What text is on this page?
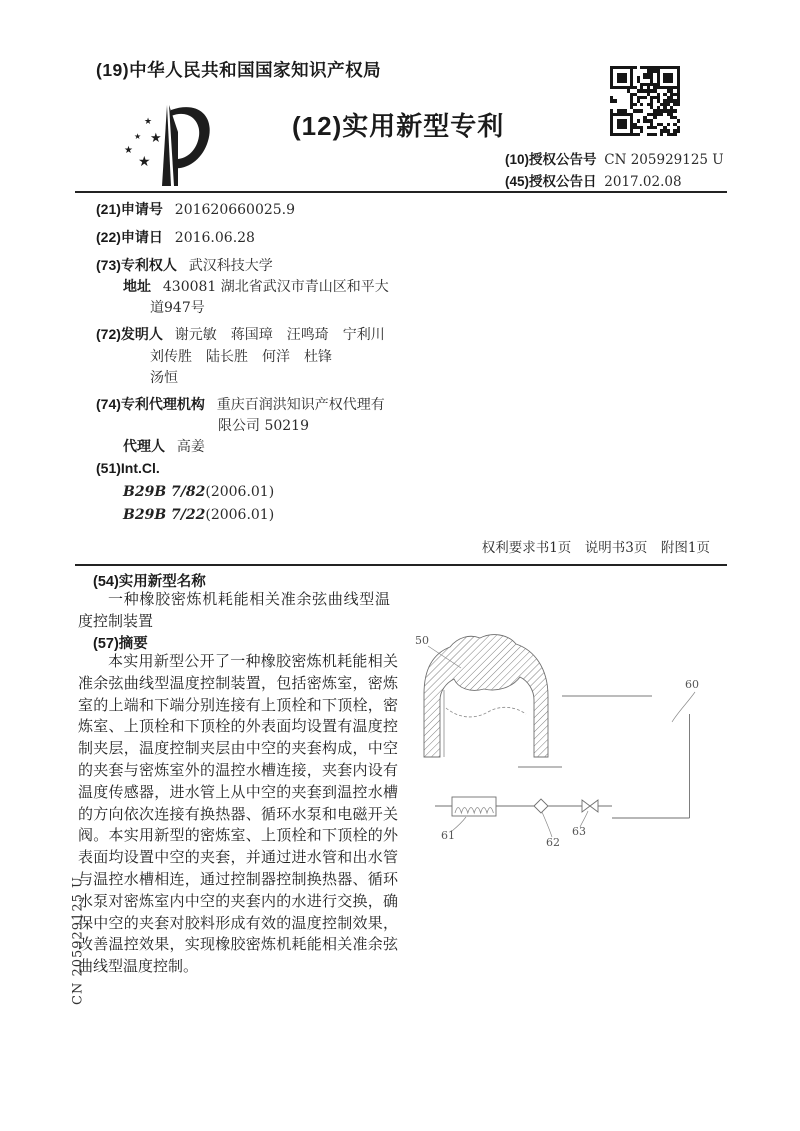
(19)中华人民共和国国家知识产权局
★
★
★
★
★
(12)实用新型专利
(10)授权公告号 CN 205929125 U
(45)授权公告日 2017.02.08
(21)申请号 201620660025.9
(22)申请日 2016.06.28
(73)专利权人 武汉科技大学
地址 430081 湖北省武汉市青山区和平大
道947号
(72)发明人 谢元敏　蒋国璋　汪鸣琦　宁利川
刘传胜　陆长胜　何洋　杜锋
汤恒
(74)专利代理机构 重庆百润洪知识产权代理有
限公司 50219
代理人 高姜
(51)Int.Cl.
B29B 7/82(2006.01)
B29B 7/22(2006.01)
权利要求书1页　说明书3页　附图1页
(54)实用新型名称
一种橡胶密炼机耗能相关准余弦曲线型温度控制装置
(57)摘要
本实用新型公开了一种橡胶密炼机耗能相关准余弦曲线型温度控制装置，包括密炼室，密炼室的上端和下端分别连接有上顶栓和下顶栓，密炼室、上顶栓和下顶栓的外表面均设置有温度控制夹层，温度控制夹层由中空的夹套构成，中空的夹套与密炼室外的温控水槽连接，夹套内设有温度传感器，进水管上从中空的夹套到温控水槽的方向依次连接有换热器、循环水泵和电磁开关阀。本实用新型的密炼室、上顶栓和下顶栓的外表面均设置中空的夹套，并通过进水管和出水管与温控水槽相连，通过控制器控制换热器、循环水泵对密炼室内中空的夹套内的水进行交换，确保中空的夹套对胶料形成有效的温度控制效果，改善温控效果，实现橡胶密炼机耗能相关准余弦曲线型温度控制。
50
60
61
62
63
CN 205929125 U
